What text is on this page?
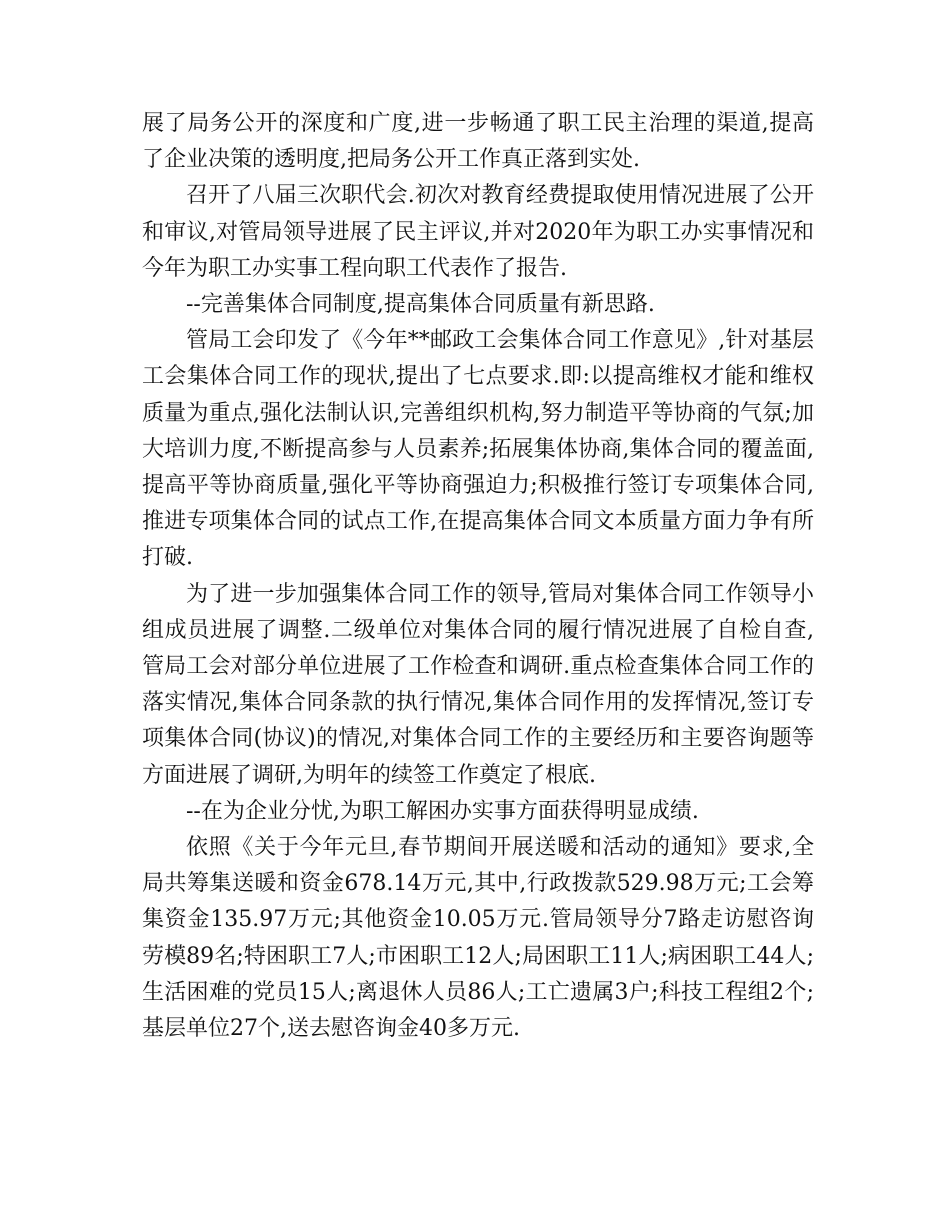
展了局务公开的深度和广度,进一步畅通了职工民主治理的渠道,提高了企业决策的透明度,把局务公开工作真正落到实处.

召开了八届三次职代会.初次对教育经费提取使用情况进展了公开和审议,对管局领导进展了民主评议,并对2020年为职工办实事情况和今年为职工办实事工程向职工代表作了报告.

--完善集体合同制度,提高集体合同质量有新思路.

管局工会印发了《今年**邮政工会集体合同工作意见》,针对基层工会集体合同工作的现状,提出了七点要求.即:以提高维权才能和维权质量为重点,强化法制认识,完善组织机构,努力制造平等协商的气氛;加大培训力度,不断提高参与人员素养;拓展集体协商,集体合同的覆盖面,提高平等协商质量,强化平等协商强迫力;积极推行签订专项集体合同,推进专项集体合同的试点工作,在提高集体合同文本质量方面力争有所打破.

为了进一步加强集体合同工作的领导,管局对集体合同工作领导小组成员进展了调整.二级单位对集体合同的履行情况进展了自检自查,管局工会对部分单位进展了工作检查和调研.重点检查集体合同工作的落实情况,集体合同条款的执行情况,集体合同作用的发挥情况,签订专项集体合同(协议)的情况,对集体合同工作的主要经历和主要咨询题等方面进展了调研,为明年的续签工作奠定了根底.

--在为企业分忧,为职工解困办实事方面获得明显成绩.

依照《关于今年元旦,春节期间开展送暖和活动的通知》要求,全局共筹集送暖和资金678.14万元,其中,行政拨款529.98万元;工会筹集资金135.97万元;其他资金10.05万元.管局领导分7路走访慰咨询劳模89名;特困职工7人;市困职工12人;局困职工11人;病困职工44人;生活困难的党员15人;离退休人员86人;工亡遗属3户;科技工程组2个;基层单位27个,送去慰咨询金40多万元.
